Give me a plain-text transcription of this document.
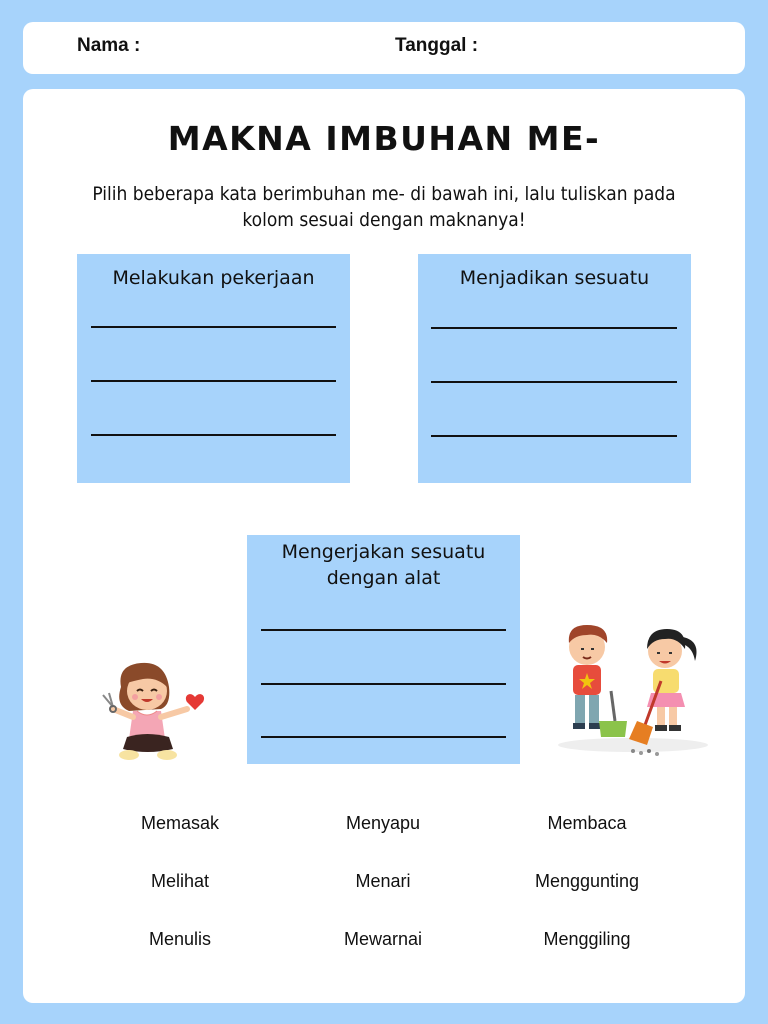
Nama :	Tanggal :
MAKNA IMBUHAN ME-
Pilih beberapa kata berimbuhan me- di bawah ini, lalu tuliskan pada kolom sesuai dengan maknanya!
Melakukan pekerjaan	Menjadikan sesuatu
Mengerjakan sesuatu dengan alat
Memasak	Menyapu	Membaca
Melihat	Menari	Menggunting
Menulis	Mewarnai	Menggiling
